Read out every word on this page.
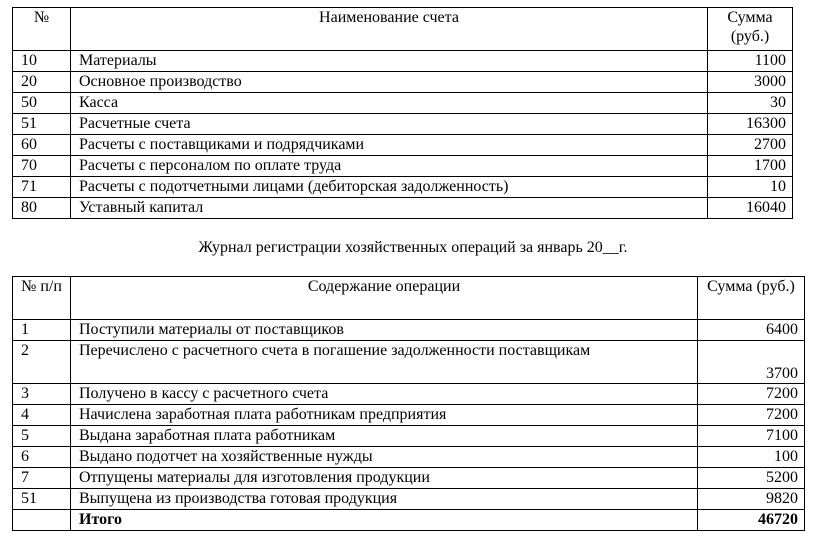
№	Наименование счета	Сумма (руб.)
10	Материалы	1100
20	Основное производство	3000
50	Касса	30
51	Расчетные счета	16300
60	Расчеты с поставщиками и подрядчиками	2700
70	Расчеты с персоналом по оплате труда	1700
71	Расчеты с подотчетными лицами (дебиторская задолженность)	10
80	Уставный капитал	16040
Журнал регистрации хозяйственных операций за январь 20__г.
№ п/п	Содержание операции	Сумма (руб.)
1	Поступили материалы от поставщиков	6400
2	Перечислено с расчетного счета в погашение задолженности поставщикам	3700
3	Получено в кассу с расчетного счета	7200
4	Начислена заработная плата работникам предприятия	7200
5	Выдана заработная плата работникам	7100
6	Выдано подотчет на хозяйственные нужды	100
7	Отпущены материалы для изготовления продукции	5200
51	Выпущена из производства готовая продукция	9820
	Итого	46720
